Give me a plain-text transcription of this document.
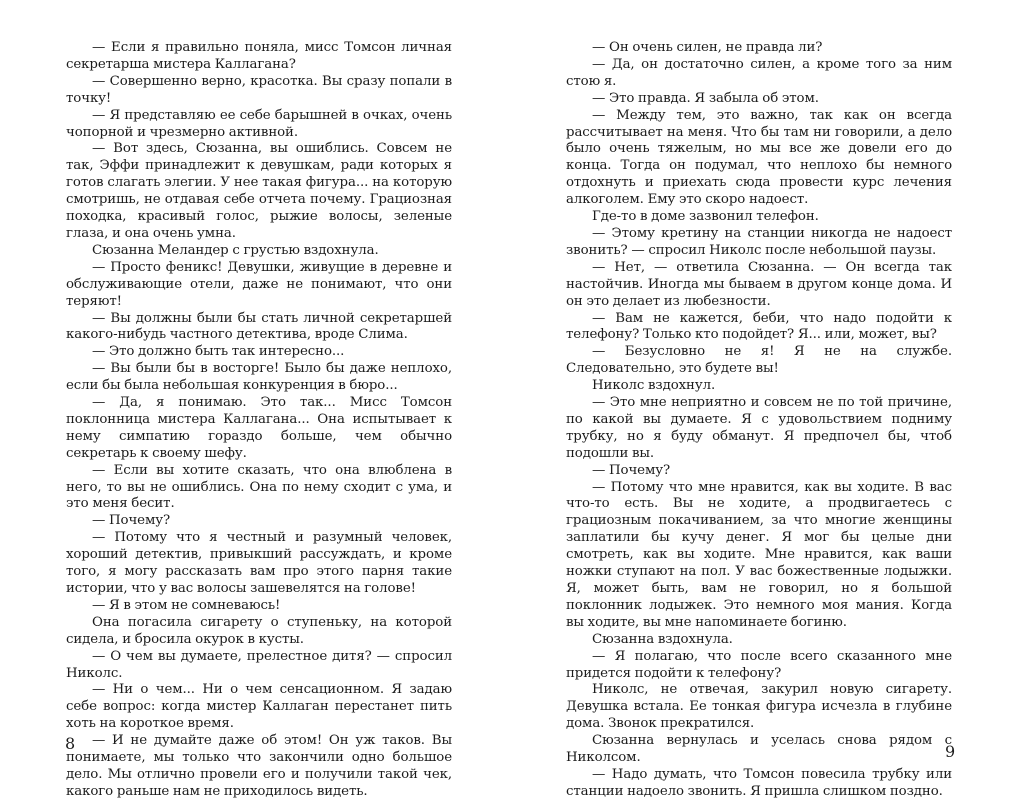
— Если я правильно поняла, мисс Томсон личная секретарша мистера Каллагана?

— Совершенно верно, красотка. Вы сразу попали в точку!

— Я представляю ее себе барышней в очках, очень чопорной и чрезмерно активной.

— Вот здесь, Сюзанна, вы ошиблись. Совсем не так, Эффи принадлежит к девушкам, ради которых я готов слагать элегии. У нее такая фигура... на которую смотришь, не отдавая себе отчета почему. Грациозная походка, красивый голос, рыжие волосы, зеленые глаза, и она очень умна.

Сюзанна Меландер с грустью вздохнула.

— Просто феникс! Девушки, живущие в деревне и обслуживающие отели, даже не понимают, что они теряют!

— Вы должны были бы стать личной секретаршей какого-нибудь частного детектива, вроде Слима.

— Это должно быть так интересно...

— Вы были бы в восторге! Было бы даже неплохо, если бы была небольшая конкуренция в бюро...

— Да, я понимаю. Это так... Мисс Томсон поклонница мистера Каллагана... Она испытывает к нему симпатию гораздо больше, чем обычно секретарь к своему шефу.

— Если вы хотите сказать, что она влюблена в него, то вы не ошиблись. Она по нему сходит с ума, и это меня бесит.

— Почему?

— Потому что я честный и разумный человек, хороший детектив, привыкший рассуждать, и кроме того, я могу рассказать вам про этого парня такие истории, что у вас волосы зашевелятся на голове!

— Я в этом не сомневаюсь!

Она погасила сигарету о ступеньку, на которой сидела, и бросила окурок в кусты.

— О чем вы думаете, прелестное дитя? — спросил Николс.

— Ни о чем... Ни о чем сенсационном. Я задаю себе вопрос: когда мистер Каллаган перестанет пить хоть на короткое время.

— И не думайте даже об этом! Он уж таков. Вы понимаете, мы только что закончили одно большое дело. Мы отлично провели его и получили такой чек, какого раньше нам не приходилось видеть.

8

— Он очень силен, не правда ли?

— Да, он достаточно силен, а кроме того за ним стою я.

— Это правда. Я забыла об этом.

— Между тем, это важно, так как он всегда рассчитывает на меня. Что бы там ни говорили, а дело было очень тяжелым, но мы все же довели его до конца. Тогда он подумал, что неплохо бы немного отдохнуть и приехать сюда провести курс лечения алкоголем. Ему это скоро надоест.

Где-то в доме зазвонил телефон.

— Этому кретину на станции никогда не надоест звонить? — спросил Николс после небольшой паузы.

— Нет, — ответила Сюзанна. — Он всегда так настойчив. Иногда мы бываем в другом конце дома. И он это делает из любезности.

— Вам не кажется, беби, что надо подойти к телефону? Только кто подойдет? Я... или, может, вы?

— Безусловно не я! Я не на службе. Следовательно, это будете вы!

Николс вздохнул.

— Это мне неприятно и совсем не по той причине, по какой вы думаете. Я с удовольствием подниму трубку, но я буду обманут. Я предпочел бы, чтоб подошли вы.

— Почему?

— Потому что мне нравится, как вы ходите. В вас что-то есть. Вы не ходите, а продвигаетесь с грациозным покачиванием, за что многие женщины заплатили бы кучу денег. Я мог бы целые дни смотреть, как вы ходите. Мне нравится, как ваши ножки ступают на пол. У вас божественные лодыжки. Я, может быть, вам не говорил, но я большой поклонник лодыжек. Это немного моя мания. Когда вы ходите, вы мне напоминаете богиню.

Сюзанна вздохнула.

— Я полагаю, что после всего сказанного мне придется подойти к телефону?

Николс, не отвечая, закурил новую сигарету. Девушка встала. Ее тонкая фигура исчезла в глубине дома. Звонок прекратился.

Сюзанна вернулась и уселась снова рядом с Николсом.

— Надо думать, что Томсон повесила трубку или станции надоело звонить. Я пришла слишком поздно.

9
